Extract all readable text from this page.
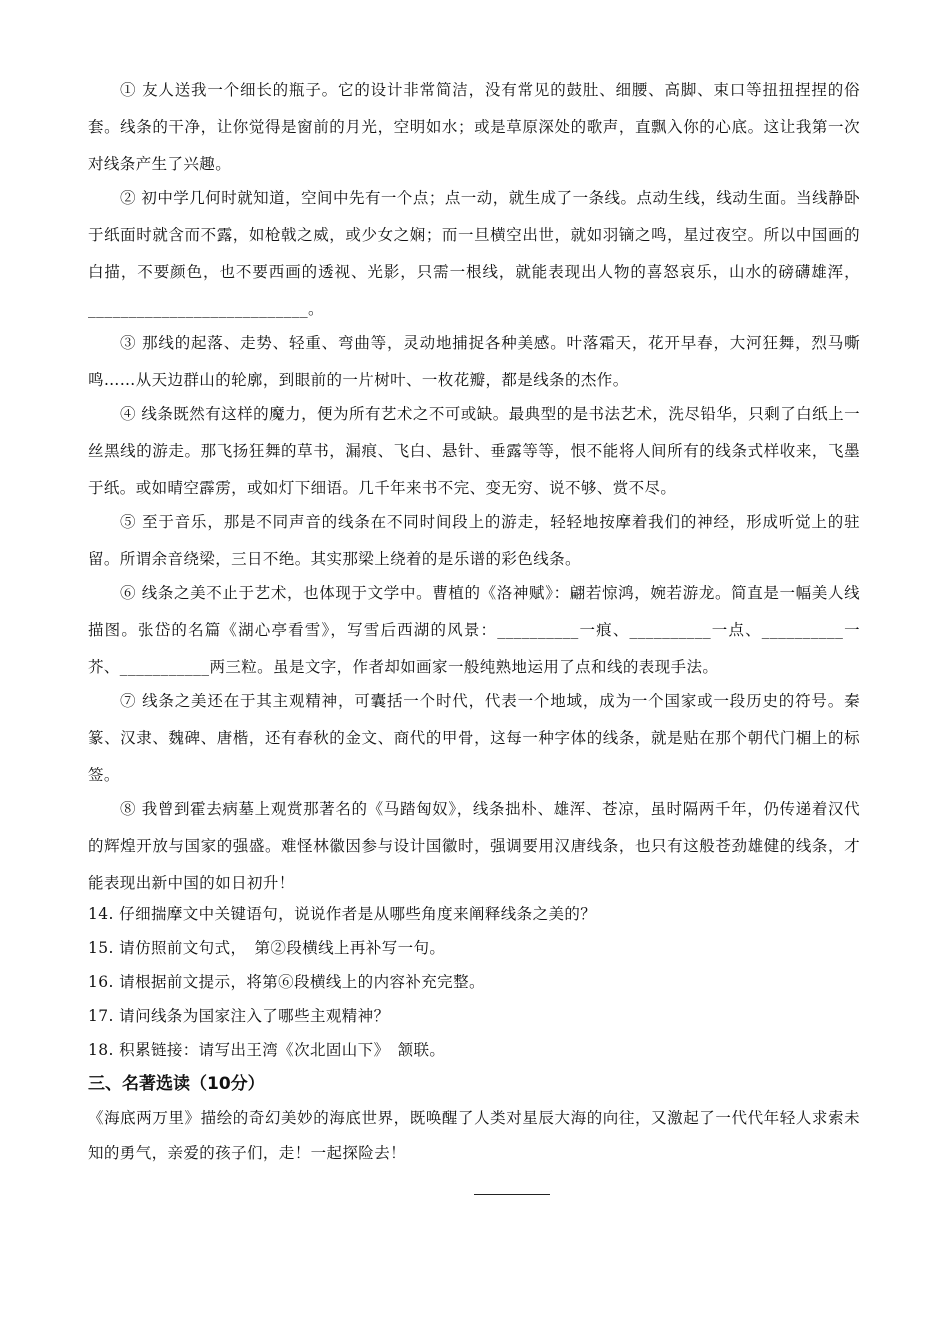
① 友人送我一个细长的瓶子。它的设计非常简洁，没有常见的鼓肚、细腰、高脚、束口等扭扭捏捏的俗套。线条的干净，让你觉得是窗前的月光，空明如水；或是草原深处的歌声，直飘入你的心底。这让我第一次对线条产生了兴趣。

② 初中学几何时就知道，空间中先有一个点；点一动，就生成了一条线。点动生线，线动生面。当线静卧于纸面时就含而不露，如枪戟之威，或少女之娴；而一旦横空出世，就如羽镝之鸣，星过夜空。所以中国画的白描，不要颜色，也不要西画的透视、光影，只需一根线，就能表现出人物的喜怒哀乐，山水的磅礴雄浑，___________________________。

③ 那线的起落、走势、轻重、弯曲等，灵动地捕捉各种美感。叶落霜天，花开早春，大河狂舞，烈马嘶鸣……从天边群山的轮廓，到眼前的一片树叶、一枚花瓣，都是线条的杰作。

④ 线条既然有这样的魔力，便为所有艺术之不可或缺。最典型的是书法艺术，洗尽铅华，只剩了白纸上一丝黑线的游走。那飞扬狂舞的草书，漏痕、飞白、悬针、垂露等等，恨不能将人间所有的线条式样收来，飞墨于纸。或如晴空霹雳，或如灯下细语。几千年来书不完、变无穷、说不够、赏不尽。

⑤ 至于音乐，那是不同声音的线条在不同时间段上的游走，轻轻地按摩着我们的神经，形成听觉上的驻留。所谓余音绕梁，三日不绝。其实那梁上绕着的是乐谱的彩色线条。

⑥ 线条之美不止于艺术，也体现于文学中。曹植的《洛神赋》：翩若惊鸿，婉若游龙。简直是一幅美人线描图。张岱的名篇《湖心亭看雪》，写雪后西湖的风景：__________一痕、__________一点、__________一芥、___________两三粒。虽是文字，作者却如画家一般纯熟地运用了点和线的表现手法。

⑦ 线条之美还在于其主观精神，可囊括一个时代，代表一个地域，成为一个国家或一段历史的符号。秦篆、汉隶、魏碑、唐楷，还有春秋的金文、商代的甲骨，这每一种字体的线条，就是贴在那个朝代门楣上的标签。

⑧ 我曾到霍去病墓上观赏那著名的《马踏匈奴》，线条拙朴、雄浑、苍凉，虽时隔两千年，仍传递着汉代的辉煌开放与国家的强盛。难怪林徽因参与设计国徽时，强调要用汉唐线条，也只有这般苍劲雄健的线条，才能表现出新中国的如日初升！

14. 仔细揣摩文中关键语句，说说作者是从哪些角度来阐释线条之美的？

15. 请仿照前文句式，　第②段横线上再补写一句。

16. 请根据前文提示，将第⑥段横线上的内容补充完整。

17. 请问线条为国家注入了哪些主观精神？

18. 积累链接：请写出王湾《次北固山下》　颔联。

三、名著选读（10分）

《海底两万里》描绘的奇幻美妙的海底世界，既唤醒了人类对星辰大海的向往，又激起了一代代年轻人求索未知的勇气，亲爱的孩子们，走！一起探险去！
